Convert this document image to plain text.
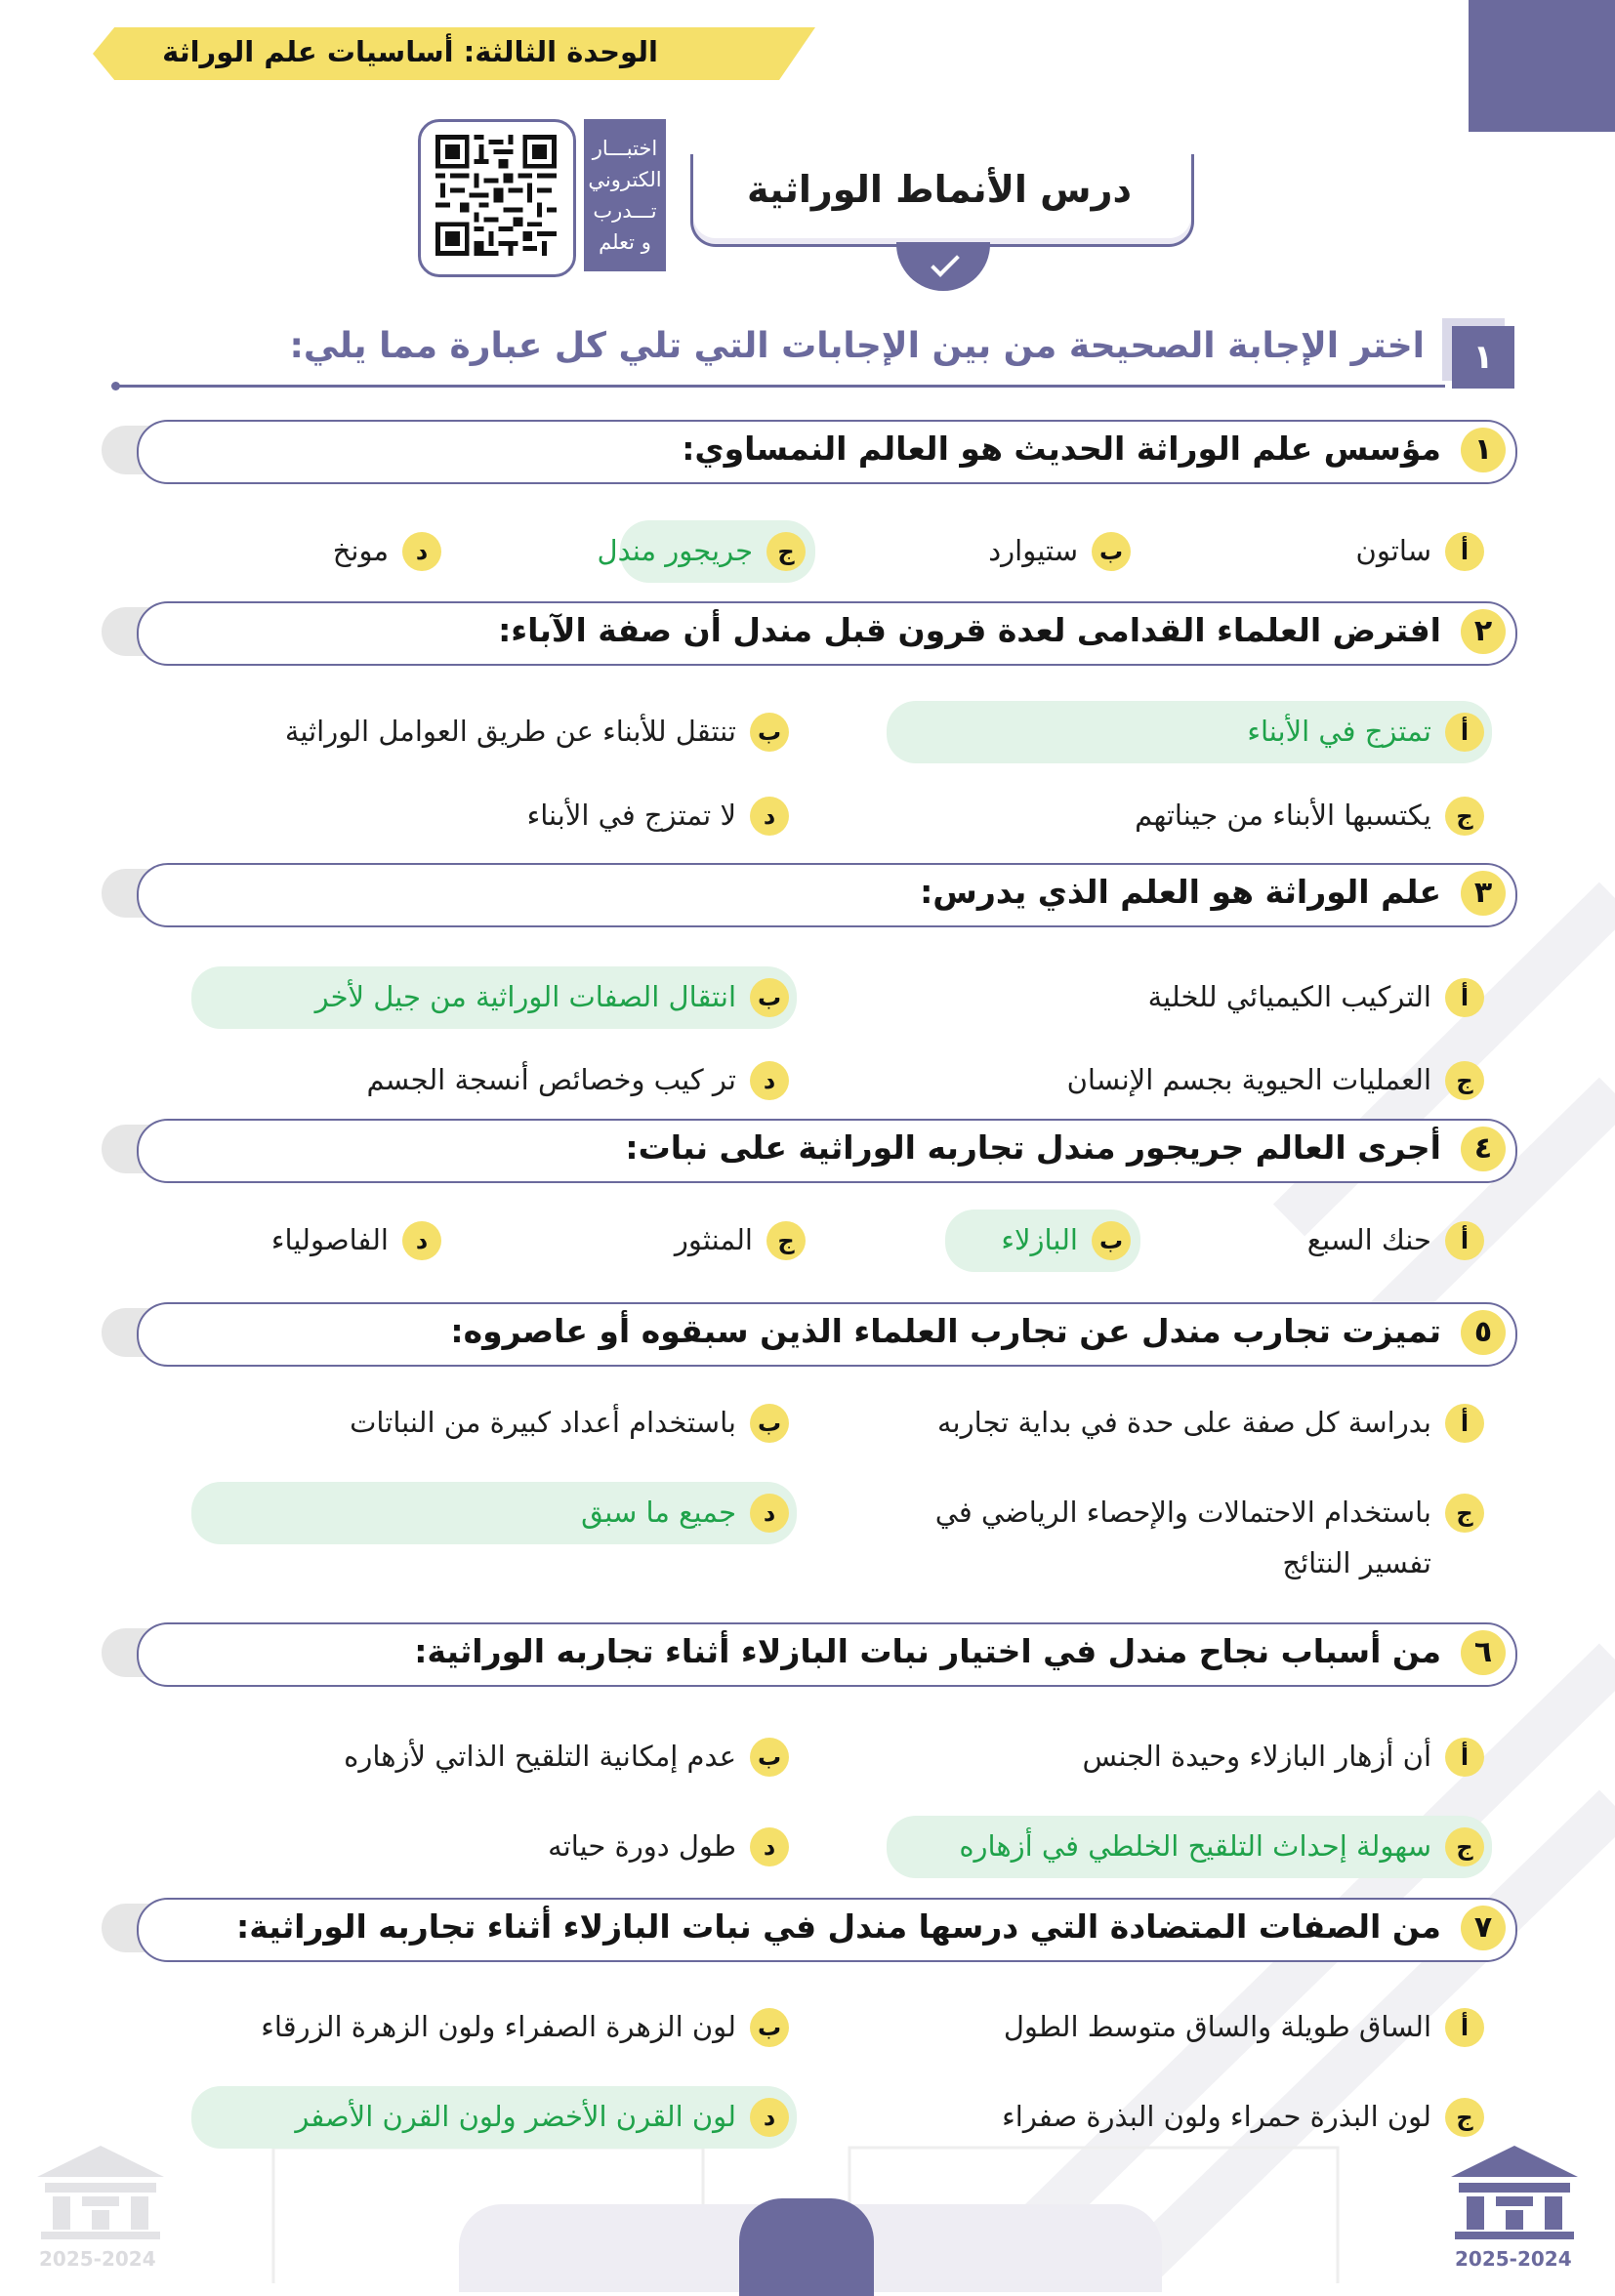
الوحدة الثالثة: أساسيات علم الوراثة
درس الأنماط الوراثية
اختبـــار
الكتروني
تـــدرب
و تعلم
١
اختر الإجابة الصحيحة من بين الإجابات التي تلي كل عبارة مما يلي:
١
مؤسس علم الوراثة الحديث هو العالم النمساوي:
أ
ساتون
ب
ستيوارد
ج
جريجور مندل
د
مونخ
٢
افترض العلماء القدامى لعدة قرون قبل مندل أن صفة الآباء:
أ
تمتزج في الأبناء
ب
تنتقل للأبناء عن طريق العوامل الوراثية
ج
يكتسبها الأبناء من جيناتهم
د
لا تمتزج في الأبناء
٣
علم الوراثة هو العلم الذي يدرس:
أ
التركيب الكيميائي للخلية
ب
انتقال الصفات الوراثية من جيل لأخر
ج
العمليات الحيوية بجسم الإنسان
د
تر كيب وخصائص أنسجة الجسم
٤
أجرى العالم جريجور مندل تجاربه الوراثية على نبات:
أ
حنك السبع
ب
البازلاء
ج
المنثور
د
الفاصولياء
٥
تميزت تجارب مندل عن تجارب العلماء الذين سبقوه أو عاصروه:
أ
بدراسة كل صفة على حدة في بداية تجاربه
ب
باستخدام أعداد كبيرة من النباتات
ج
باستخدام الاحتمالات والإحصاء الرياضي في
تفسير النتائج
د
جميع ما سبق
٦
من أسباب نجاح مندل في اختيار نبات البازلاء أثناء تجاربه الوراثية:
أ
أن أزهار البازلاء وحيدة الجنس
ب
عدم إمكانية التلقيح الذاتي لأزهاره
ج
سهولة إحداث التلقيح الخلطي في أزهاره
د
طول دورة حياته
٧
من الصفات المتضادة التي درسها مندل في نبات البازلاء أثناء تجاربه الوراثية:
أ
الساق طويلة والساق متوسط الطول
ب
لون الزهرة الصفراء ولون الزهرة الزرقاء
ج
لون البذرة حمراء ولون البذرة صفراء
د
لون القرن الأخضر ولون القرن الأصفر
2025-2024
2025-2024
